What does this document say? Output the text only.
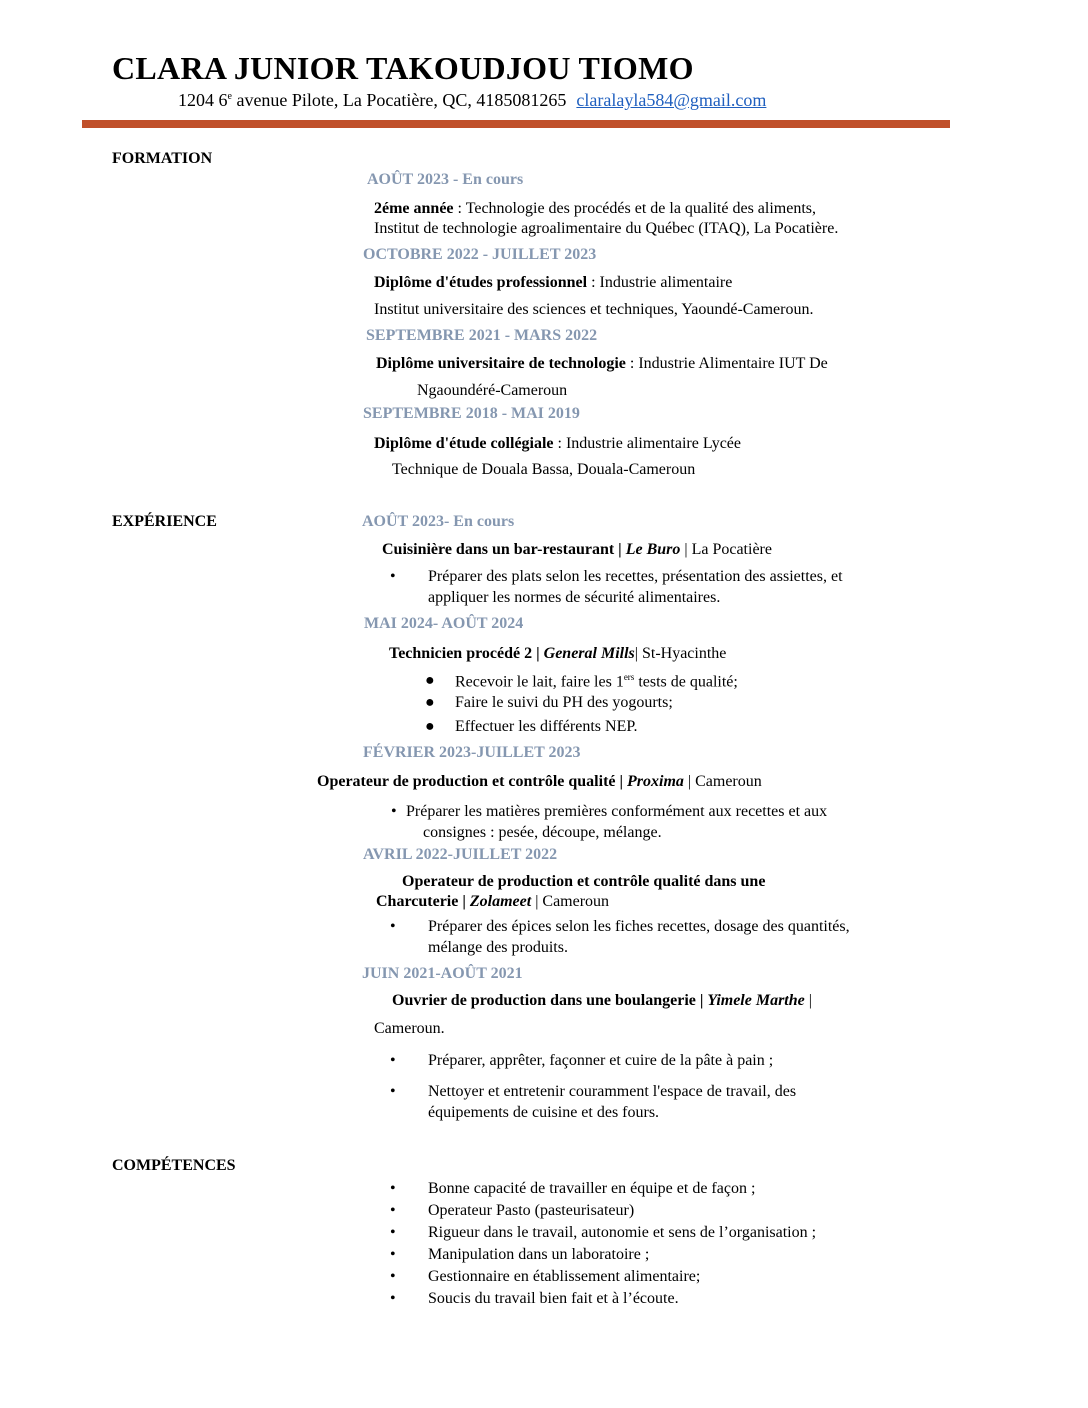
CLARA JUNIOR TAKOUDJOU TIOMO
1204 6e avenue Pilote, La Pocatière, QC, 4185081265 claralayla584@gmail.com
FORMATION
AOÛT 2023 - En cours
2éme année : Technologie des procédés et de la qualité des aliments,
Institut de technologie agroalimentaire du Québec (ITAQ), La Pocatière.
OCTOBRE 2022 - JUILLET 2023
Diplôme d'études professionnel : Industrie alimentaire
Institut universitaire des sciences et techniques, Yaoundé-Cameroun.
SEPTEMBRE 2021 - MARS 2022
Diplôme universitaire de technologie : Industrie Alimentaire IUT De
Ngaoundéré-Cameroun
SEPTEMBRE 2018 - MAI 2019
Diplôme d'étude collégiale : Industrie alimentaire Lycée
Technique de Douala Bassa, Douala-Cameroun
EXPÉRIENCE	AOÛT 2023- En cours
Cuisinière dans un bar-restaurant | Le Buro | La Pocatière
• Préparer des plats selon les recettes, présentation des assiettes, et
appliquer les normes de sécurité alimentaires.
MAI 2024- AOÛT 2024
Technicien procédé 2 | General Mills| St-Hyacinthe
● Recevoir le lait, faire les 1ers tests de qualité;
● Faire le suivi du PH des yogourts;
● Effectuer les différents NEP.
FÉVRIER 2023-JUILLET 2023
Operateur de production et contrôle qualité | Proxima | Cameroun
• Préparer les matières premières conformément aux recettes et aux
consignes : pesée, découpe, mélange.
AVRIL 2022-JUILLET 2022
Operateur de production et contrôle qualité dans une
Charcuterie | Zolameet | Cameroun
• Préparer des épices selon les fiches recettes, dosage des quantités,
mélange des produits.
JUIN 2021-AOÛT 2021
Ouvrier de production dans une boulangerie | Yimele Marthe |
Cameroun.
• Préparer, apprêter, façonner et cuire de la pâte à pain ;
• Nettoyer et entretenir couramment l'espace de travail, des
équipements de cuisine et des fours.
COMPÉTENCES
• Bonne capacité de travailler en équipe et de façon ;
• Operateur Pasto (pasteurisateur)
• Rigueur dans le travail, autonomie et sens de l’organisation ;
• Manipulation dans un laboratoire ;
• Gestionnaire en établissement alimentaire;
• Soucis du travail bien fait et à l’écoute.
